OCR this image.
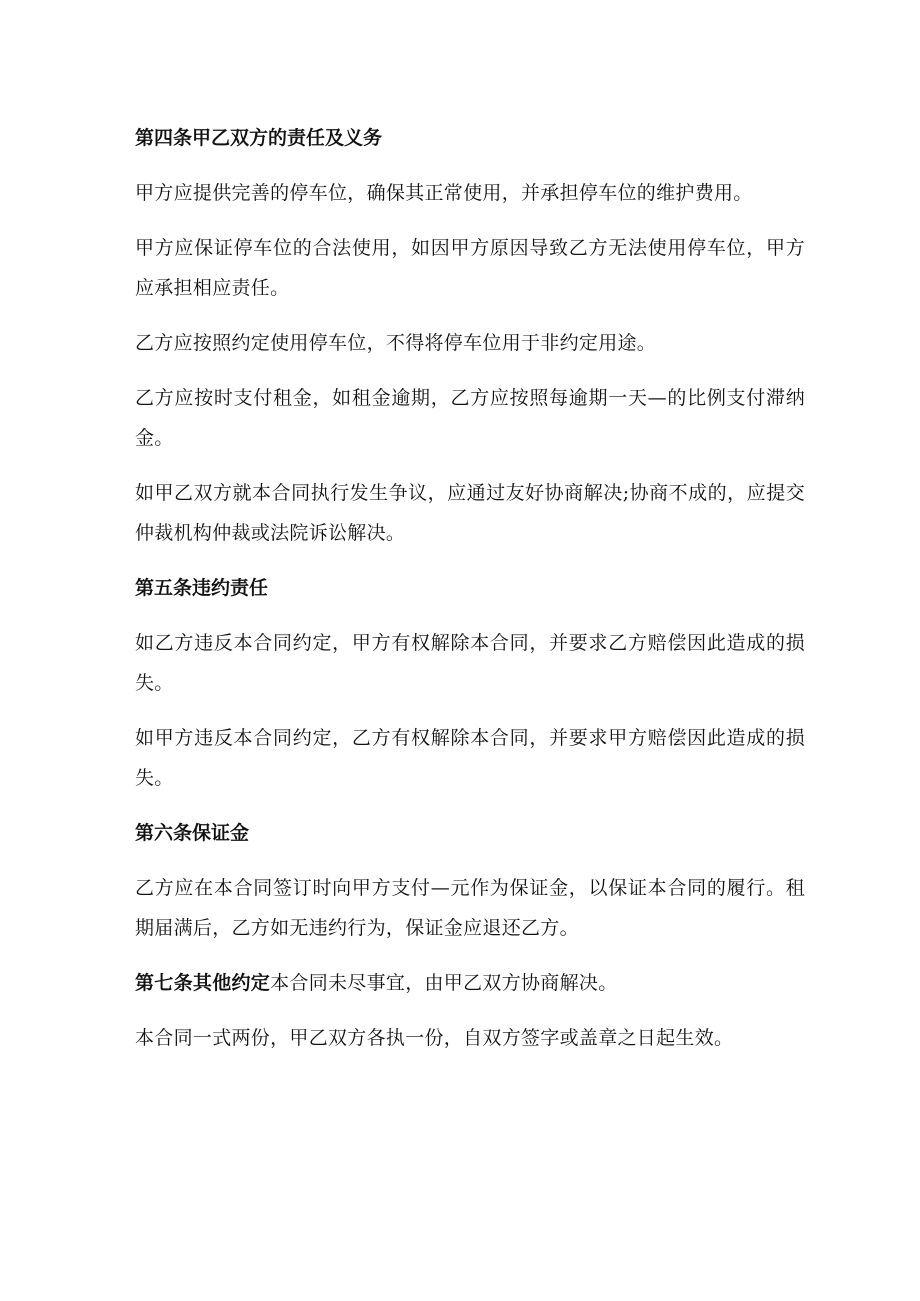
第四条甲乙双方的责任及义务

甲方应提供完善的停车位，确保其正常使用，并承担停车位的维护费用。

甲方应保证停车位的合法使用，如因甲方原因导致乙方无法使用停车位，甲方应承担相应责任。

乙方应按照约定使用停车位，不得将停车位用于非约定用途。

乙方应按时支付租金，如租金逾期，乙方应按照每逾期一天—的比例支付滞纳金。

如甲乙双方就本合同执行发生争议，应通过友好协商解决;协商不成的，应提交仲裁机构仲裁或法院诉讼解决。

第五条违约责任

如乙方违反本合同约定，甲方有权解除本合同，并要求乙方赔偿因此造成的损失。

如甲方违反本合同约定，乙方有权解除本合同，并要求甲方赔偿因此造成的损失。

第六条保证金

乙方应在本合同签订时向甲方支付—元作为保证金，以保证本合同的履行。租期届满后，乙方如无违约行为，保证金应退还乙方。

第七条其他约定本合同未尽事宜，由甲乙双方协商解决。

本合同一式两份，甲乙双方各执一份，自双方签字或盖章之日起生效。
